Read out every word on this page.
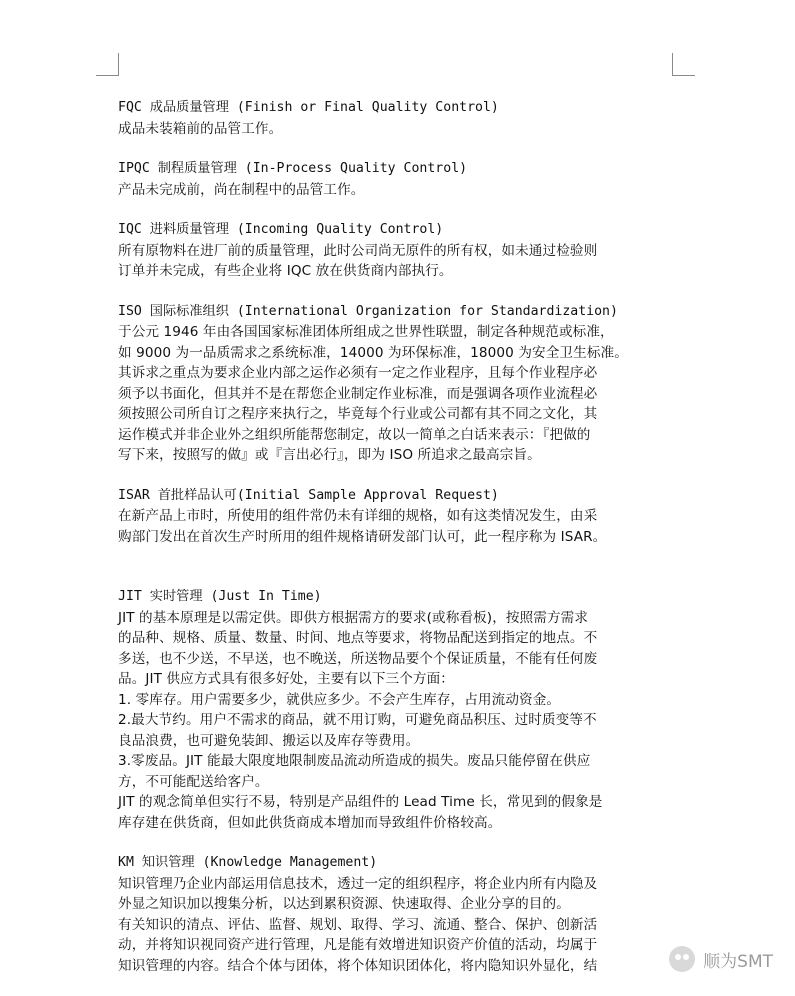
FQC 成品质量管理 (Finish or Final Quality Control)

成品未装箱前的品管工作。

IPQC 制程质量管理 (In-Process Quality Control)

产品未完成前，尚在制程中的品管工作。

IQC 进料质量管理 (Incoming Quality Control)

所有原物料在进厂前的质量管理，此时公司尚无原件的所有权，如未通过检验则

订单并未完成，有些企业将 IQC 放在供货商内部执行。

ISO 国际标准组织 (International Organization for Standardization)

于公元 1946 年由各国国家标准团体所组成之世界性联盟，制定各种规范或标准，

如 9000 为一品质需求之系统标准，14000 为环保标准，18000 为安全卫生标准。

其诉求之重点为要求企业内部之运作必须有一定之作业程序，且每个作业程序必

须予以书面化，但其并不是在帮您企业制定作业标准，而是强调各项作业流程必

须按照公司所自订之程序来执行之，毕竟每个行业或公司都有其不同之文化，其

运作模式并非企业外之组织所能帮您制定，故以一简单之白话来表示：『把做的

写下来，按照写的做』或『言出必行』，即为 ISO 所追求之最高宗旨。

ISAR 首批样品认可(Initial Sample Approval Request)

在新产品上市时，所使用的组件常仍未有详细的规格，如有这类情况发生，由采

购部门发出在首次生产时所用的组件规格请研发部门认可，此一程序称为 ISAR。

JIT 实时管理 (Just In Time)

JIT 的基本原理是以需定供。即供方根据需方的要求(或称看板)，按照需方需求

的品种、规格、质量、数量、时间、地点等要求，将物品配送到指定的地点。不

多送，也不少送，不早送，也不晚送，所送物品要个个保证质量，不能有任何废

品。JIT 供应方式具有很多好处，主要有以下三个方面：

1. 零库存。用户需要多少，就供应多少。不会产生库存，占用流动资金。

2.最大节约。用户不需求的商品，就不用订购，可避免商品积压、过时质变等不

良品浪费，也可避免装卸、搬运以及库存等费用。

3.零废品。JIT 能最大限度地限制废品流动所造成的损失。废品只能停留在供应

方，不可能配送给客户。

JIT 的观念简单但实行不易，特别是产品组件的 Lead Time 长，常见到的假象是

库存建在供货商，但如此供货商成本增加而导致组件价格较高。

KM 知识管理 (Knowledge Management)

知识管理乃企业内部运用信息技术，透过一定的组织程序，将企业内所有内隐及

外显之知识加以搜集分析，以达到累积资源、快速取得、企业分享的目的。

有关知识的清点、评估、监督、规划、取得、学习、流通、整合、保护、创新活

动，并将知识视同资产进行管理，凡是能有效增进知识资产价值的活动，均属于

知识管理的内容。结合个体与团体，将个体知识团体化，将内隐知识外显化，结	顺为SMT
